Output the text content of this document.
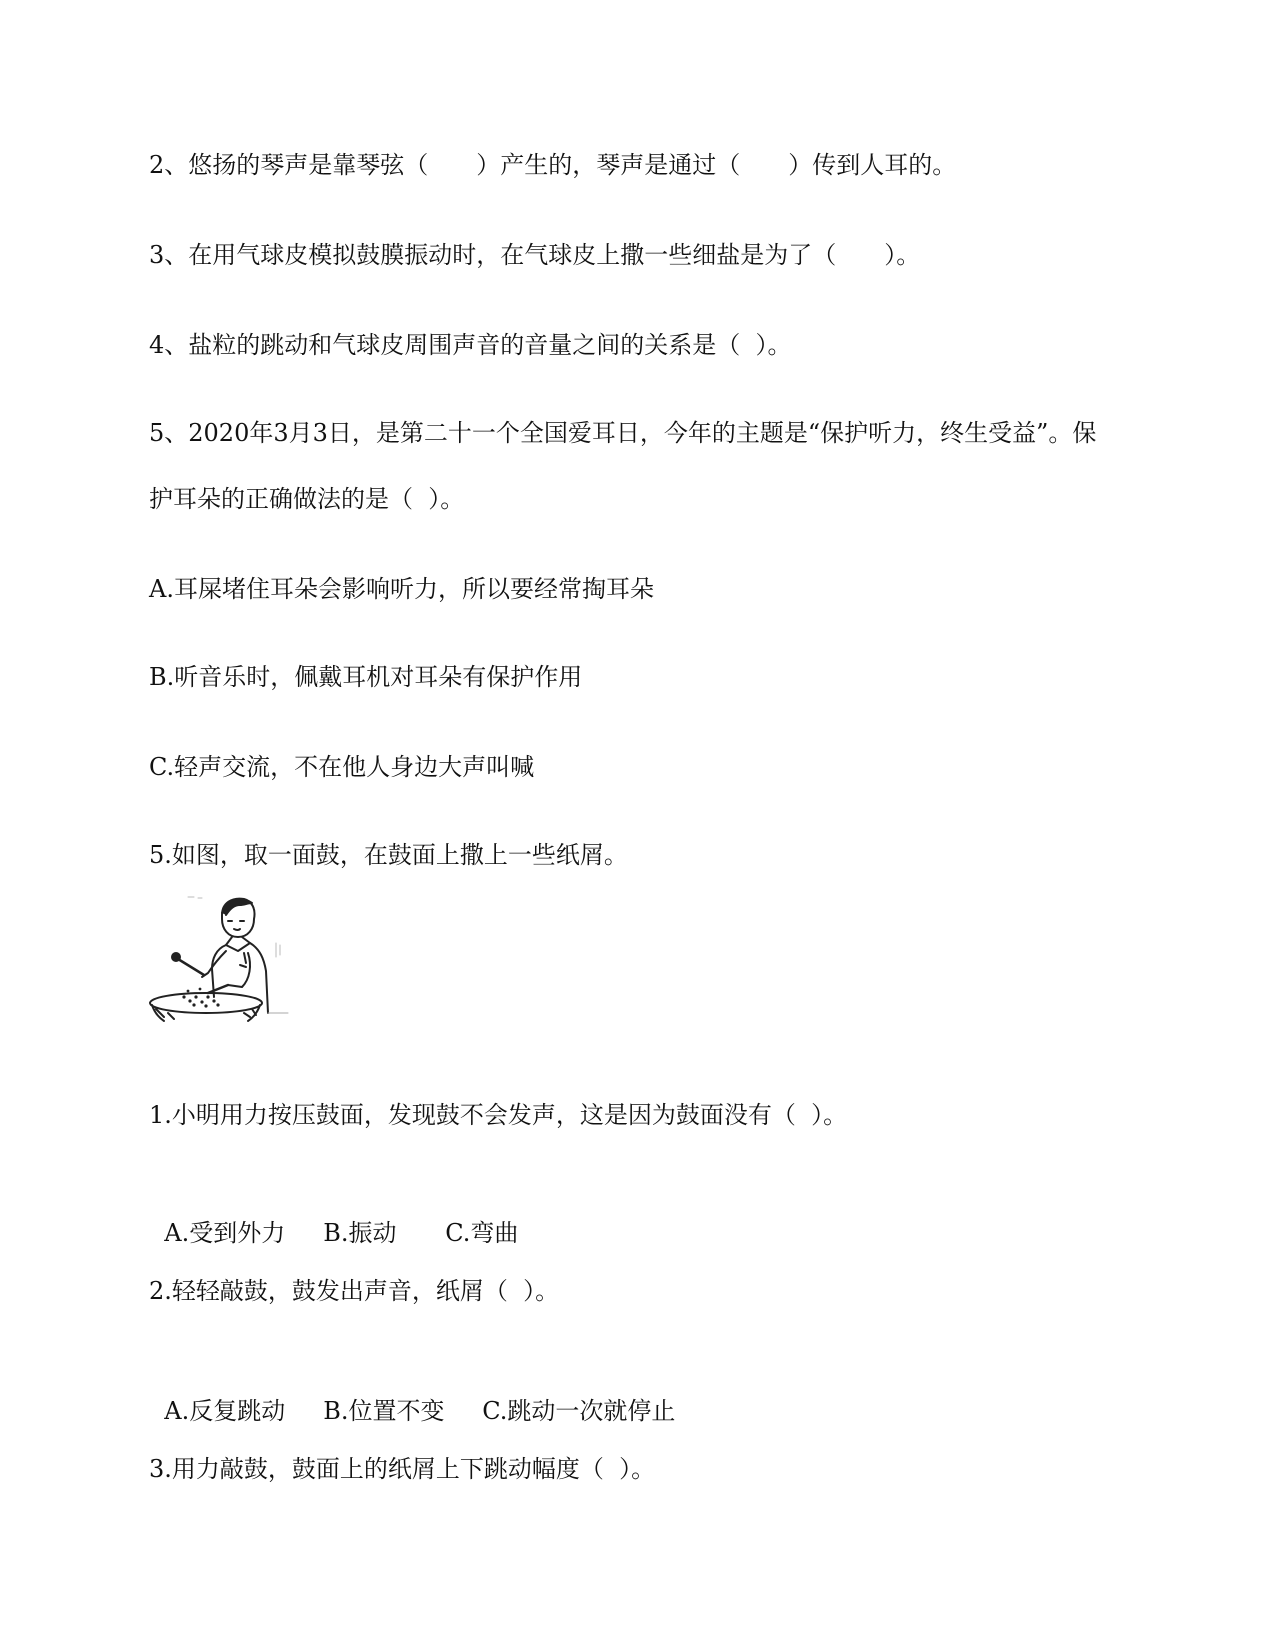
2、悠扬的琴声是靠琴弦（　　）产生的，琴声是通过（　　）传到人耳的。

3、在用气球皮模拟鼓膜振动时，在气球皮上撒一些细盐是为了（　　）。

4、盐粒的跳动和气球皮周围声音的音量之间的关系是（  ）。

5、2020年3月3日，是第二十一个全国爱耳日，今年的主题是“保护听力，终生受益”。保

护耳朵的正确做法的是（  ）。

A.耳屎堵住耳朵会影响听力，所以要经常掏耳朵

B.听音乐时，佩戴耳机对耳朵有保护作用

C.轻声交流，不在他人身边大声叫喊

5.如图，取一面鼓，在鼓面上撒上一些纸屑。

1.小明用力按压鼓面，发现鼓不会发声，这是因为鼓面没有（  ）。

A.受到外力 B.振动 C.弯曲

2.轻轻敲鼓，鼓发出声音，纸屑（  ）。

A.反复跳动 B.位置不变 C.跳动一次就停止

3.用力敲鼓，鼓面上的纸屑上下跳动幅度（  ）。
